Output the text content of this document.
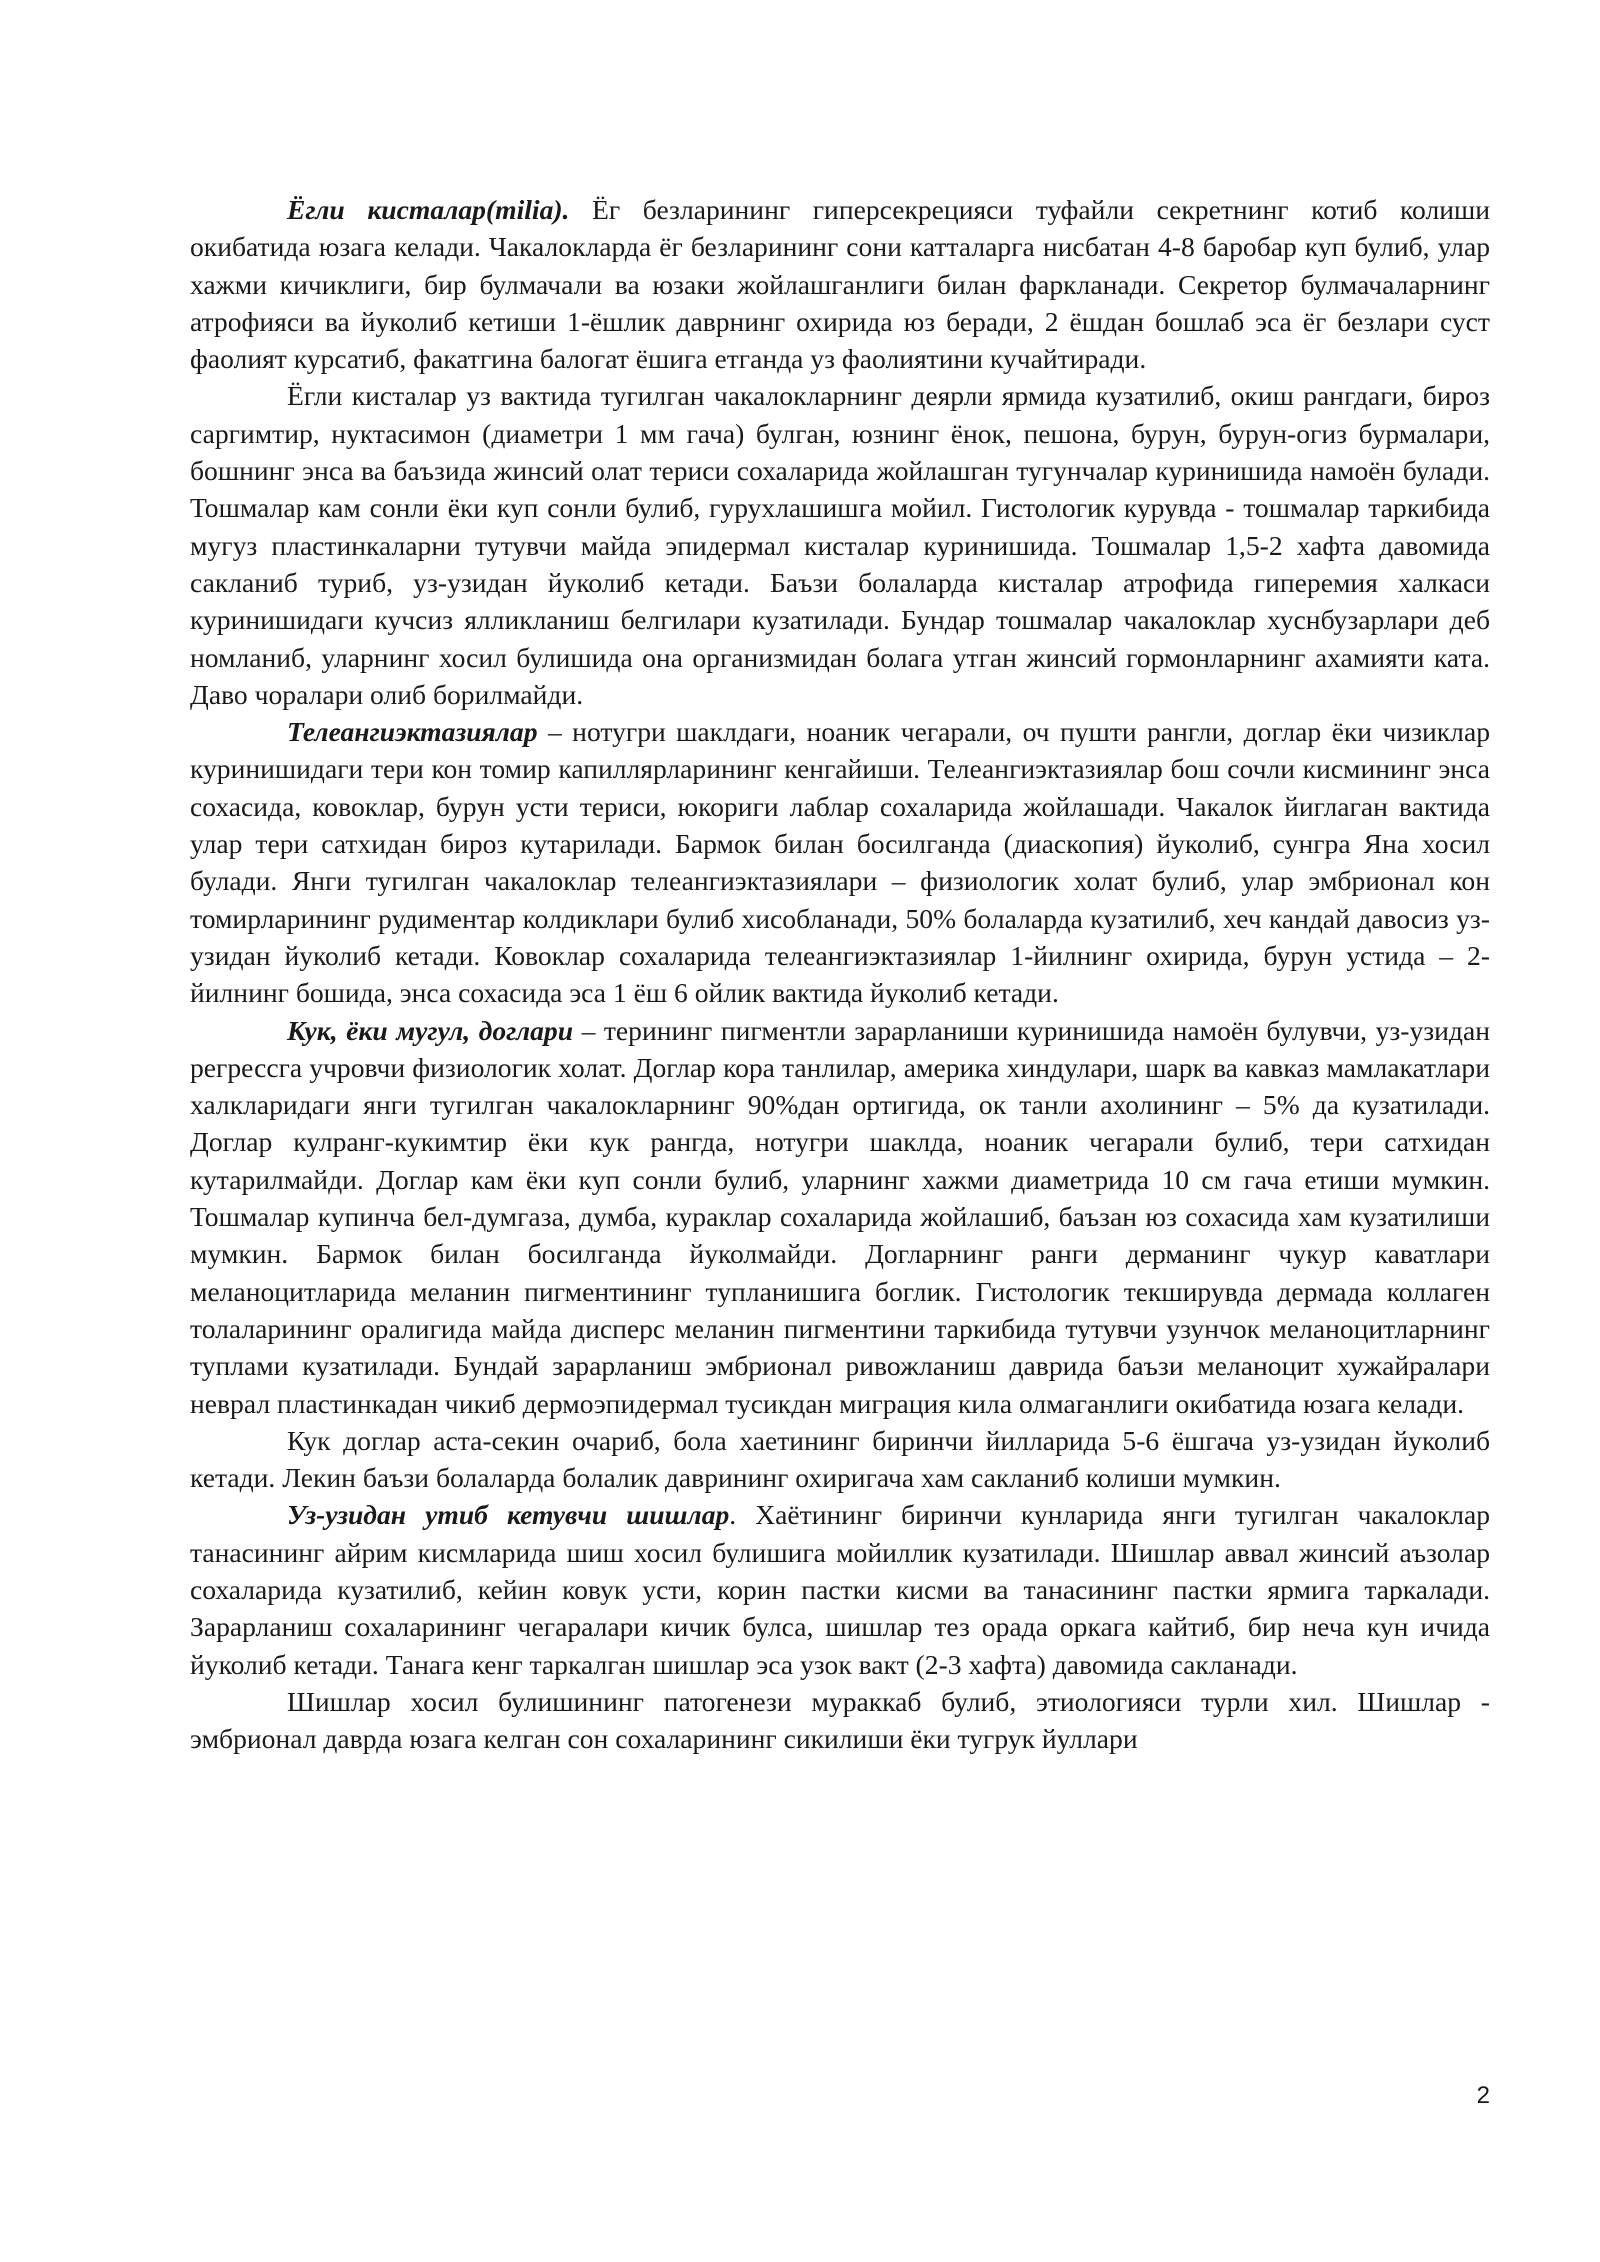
Ёгли кисталар(milia). Ёг безларининг гиперсекрецияси туфайли секретнинг котиб колиши окибатида юзага келади. Чакалокларда ёг безларининг сони катталарга нисбатан 4-8 баробар куп булиб, улар хажми кичиклиги, бир булмачали ва юзаки жойлашганлиги билан фаркланади. Секретор булмачаларнинг атрофияси ва йуколиб кетиши 1-ёшлик даврнинг охирида юз беради, 2 ёшдан бошлаб эса ёг безлари суст фаолият курсатиб, факатгина балогат ёшига етганда уз фаолиятини кучайтиради.

Ёгли кисталар уз вактида тугилган чакалокларнинг деярли ярмида кузатилиб, окиш рангдаги, бироз саргимтир, нуктасимон (диаметри 1 мм гача) булган, юзнинг ёнок, пешона, бурун, бурун-огиз бурмалари, бошнинг энса ва баъзида жинсий олат териси сохаларида жойлашган тугунчалар куринишида намоён булади. Тошмалар кам сонли ёки куп сонли булиб, гурухлашишга мойил. Гистологик курувда - тошмалар таркибида мугуз пластинкаларни тутувчи майда эпидермал кисталар куринишида. Тошмалар 1,5-2 хафта давомида сакланиб туриб, уз-узидан йуколиб кетади. Баъзи болаларда кисталар атрофида гиперемия халкаси куринишидаги кучсиз ялликланиш белгилари кузатилади. Бундар тошмалар чакалоклар хуснбузарлари деб номланиб, уларнинг хосил булишида она организмидан болага утган жинсий гормонларнинг ахамияти ката. Даво чоралари олиб борилмайди.

Телеангиэктазиялар – нотугри шаклдаги, ноаник чегарали, оч пушти рангли, доглар ёки чизиклар куринишидаги тери кон томир капиллярларининг кенгайиши. Телеангиэктазиялар бош сочли кисмининг энса сохасида, ковоклар, бурун усти териси, юкориги лаблар сохаларида жойлашади. Чакалок йиглаган вактида улар тери сатхидан бироз кутарилади. Бармок билан босилганда (диаскопия) йуколиб, сунгра Яна хосил булади. Янги тугилган чакалоклар телеангиэктазиялари – физиологик холат булиб, улар эмбрионал кон томирларининг рудиментар колдиклари булиб хисобланади, 50% болаларда кузатилиб, хеч кандай давосиз уз-узидан йуколиб кетади. Ковоклар сохаларида телеангиэктазиялар 1-йилнинг охирида, бурун устида – 2- йилнинг бошида, энса сохасида эса 1 ёш 6 ойлик вактида йуколиб кетади.

Кук, ёки мугул, доглари – терининг пигментли зарарланиши куринишида намоён булувчи, уз-узидан регрессга учровчи физиологик холат. Доглар кора танлилар, америка хиндулари, шарк ва кавказ мамлакатлари халкларидаги янги тугилган чакалокларнинг 90%дан ортигида, ок танли ахолининг – 5% да кузатилади. Доглар кулранг-кукимтир ёки кук рангда, нотугри шаклда, ноаник чегарали булиб, тери сатхидан кутарилмайди. Доглар кам ёки куп сонли булиб, уларнинг хажми диаметрида 10 см гача етиши мумкин. Тошмалар купинча бел-думгаза, думба, кураклар сохаларида жойлашиб, баъзан юз сохасида хам кузатилиши мумкин. Бармок билан босилганда йуколмайди. Догларнинг ранги дерманинг чукур каватлари меланоцитларида меланин пигментининг тупланишига боглик. Гистологик текширувда дермада коллаген толаларининг оралигида майда дисперс меланин пигментини таркибида тутувчи узунчок меланоцитларнинг туплами кузатилади. Бундай зарарланиш эмбрионал ривожланиш даврида баъзи меланоцит хужайралари неврал пластинкадан чикиб дермоэпидермал тусикдан миграция кила олмаганлиги окибатида юзага келади.

Кук доглар аста-секин очариб, бола хаетининг биринчи йилларида 5-6 ёшгача уз-узидан йуколиб кетади. Лекин баъзи болаларда болалик даврининг охиригача хам сакланиб колиши мумкин.

Уз-узидан утиб кетувчи шишлар. Хаётининг биринчи кунларида янги тугилган чакалоклар танасининг айрим кисмларида шиш хосил булишига мойиллик кузатилади. Шишлар аввал жинсий аъзолар сохаларида кузатилиб, кейин ковук усти, корин пастки кисми ва танасининг пастки ярмига таркалади. Зарарланиш сохаларининг чегаралари кичик булса, шишлар тез орада оркага кайтиб, бир неча кун ичида йуколиб кетади. Танага кенг таркалган шишлар эса узок вакт (2-3 хафта) давомида сакланади.

Шишлар хосил булишининг патогенези мураккаб булиб, этиологияси турли хил. Шишлар - эмбрионал даврда юзага келган сон сохаларининг сикилиши ёки тугрук йуллари

2
